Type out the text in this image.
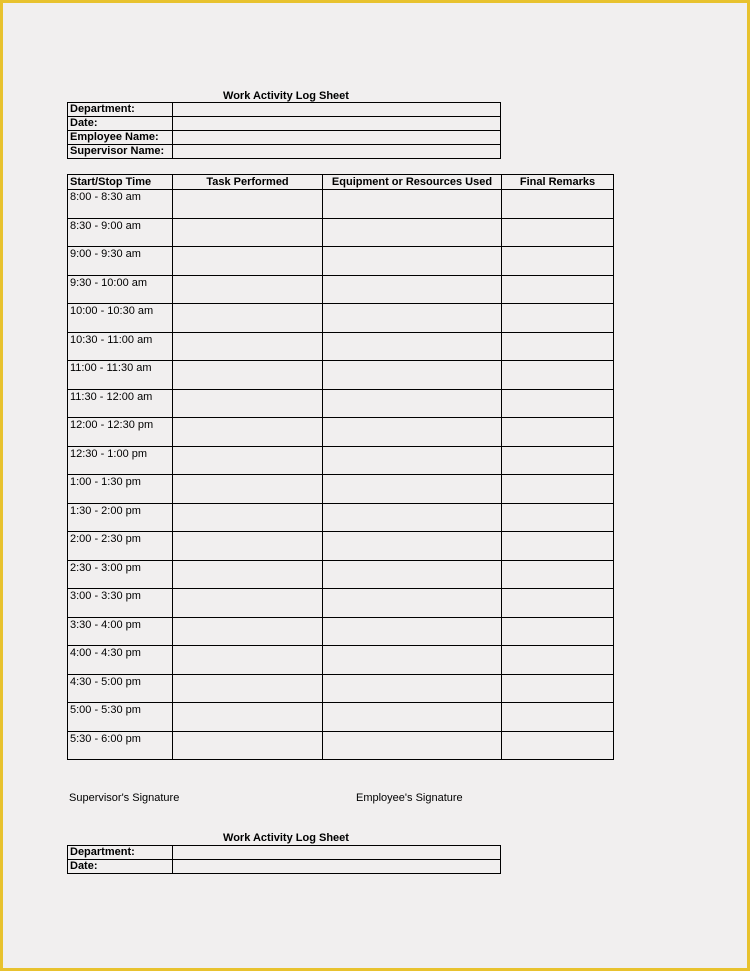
Work Activity Log Sheet
Department:	
Date:	
Employee Name:	
Supervisor Name:	
Start/Stop Time	Task Performed	Equipment or Resources Used	Final Remarks
8:00 - 8:30 am			
8:30 - 9:00 am			
9:00 - 9:30 am			
9:30 - 10:00 am			
10:00 - 10:30 am			
10:30 - 11:00 am			
11:00 - 11:30 am			
11:30 - 12:00 am			
12:00 - 12:30 pm			
12:30 - 1:00 pm			
1:00 - 1:30 pm			
1:30 - 2:00 pm			
2:00 - 2:30 pm			
2:30 - 3:00 pm			
3:00 - 3:30 pm			
3:30 - 4:00 pm			
4:00 - 4:30 pm			
4:30 - 5:00 pm			
5:00 - 5:30 pm			
5:30 - 6:00 pm			
Supervisor's Signature	Employee's Signature
Work Activity Log Sheet
Department:	
Date:	
